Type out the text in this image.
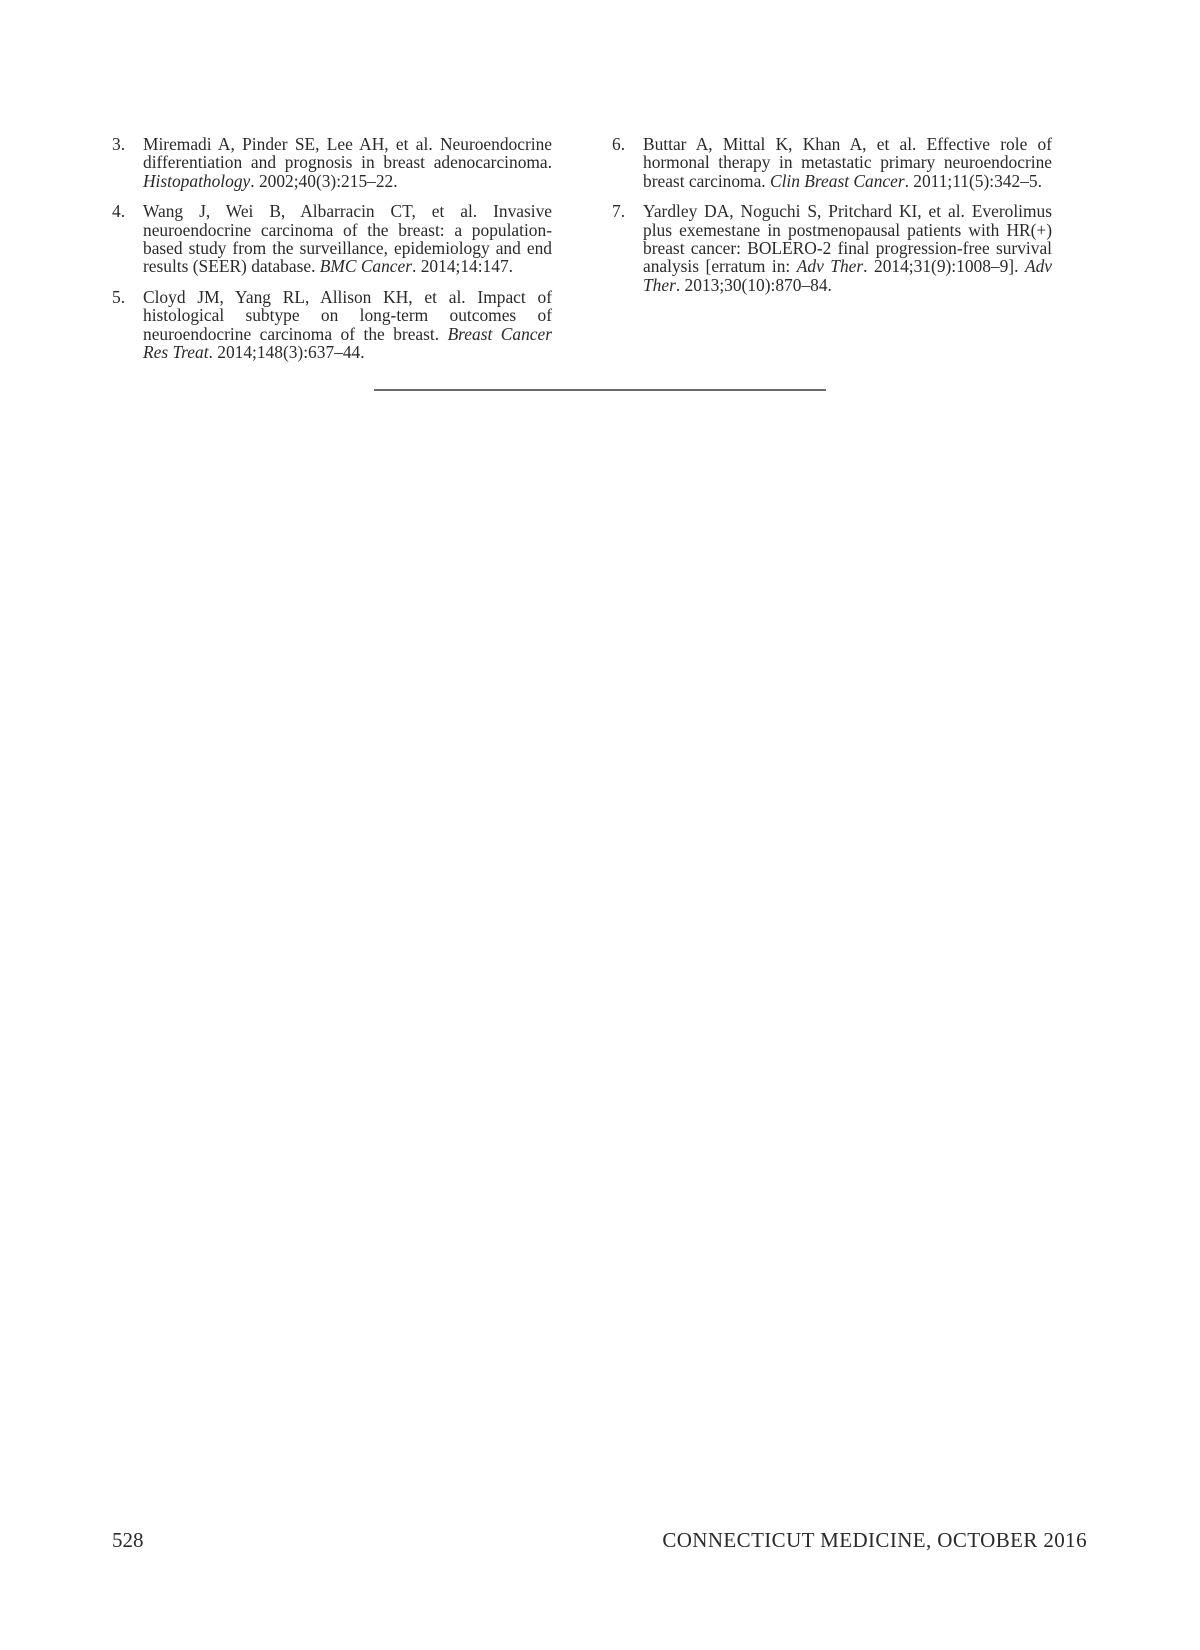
3. Miremadi A, Pinder SE, Lee AH, et al. Neuroendocrine differentiation and prognosis in breast adenocarcinoma. Histopathology. 2002;40(3):215–22.
4. Wang J, Wei B, Albarracin CT, et al. Invasive neuroendocrine carcinoma of the breast: a population-based study from the surveillance, epidemiology and end results (SEER) database. BMC Cancer. 2014;14:147.
5. Cloyd JM, Yang RL, Allison KH, et al. Impact of histological subtype on long-term outcomes of neuroendocrine carcinoma of the breast. Breast Cancer Res Treat. 2014;148(3):637–44.
6. Buttar A, Mittal K, Khan A, et al. Effective role of hormonal therapy in metastatic primary neuroendocrine breast carcinoma. Clin Breast Cancer. 2011;11(5):342–5.
7. Yardley DA, Noguchi S, Pritchard KI, et al. Everolimus plus exemestane in postmenopausal patients with HR(+) breast cancer: BOLERO-2 final progression-free survival analysis [erratum in: Adv Ther. 2014;31(9):1008–9]. Adv Ther. 2013;30(10):870–84.
528	CONNECTICUT MEDICINE, OCTOBER 2016
